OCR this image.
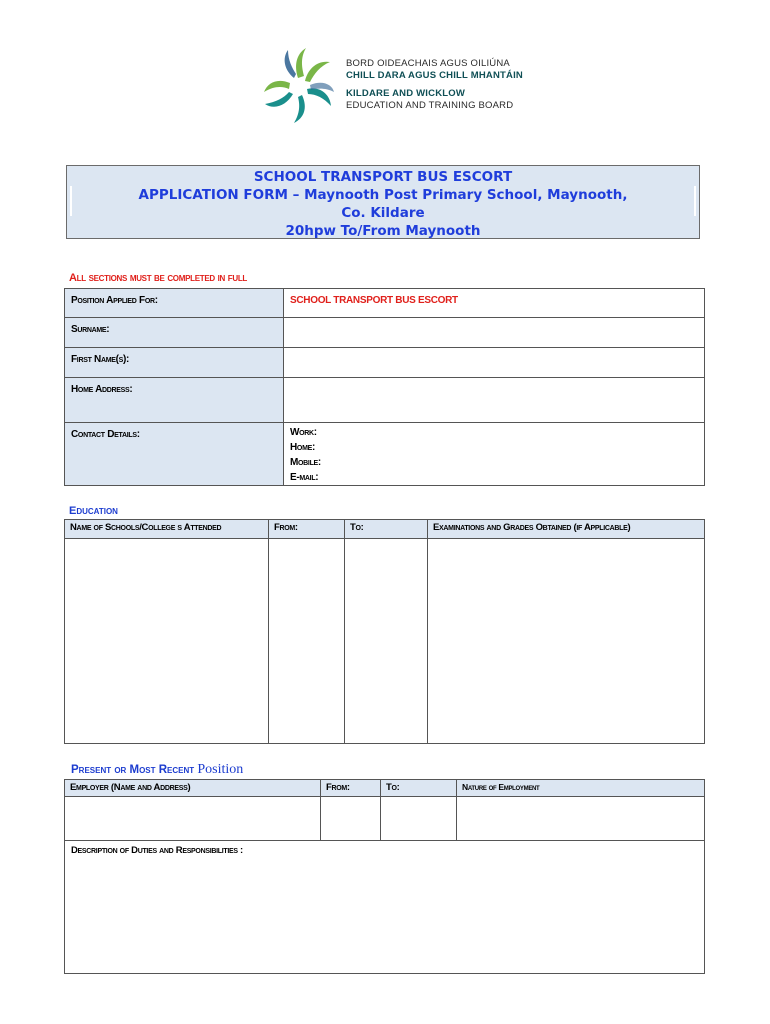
BORD OIDEACHAIS AGUS OILIÚNA
CHILL DARA AGUS CHILL MHANTÁIN
KILDARE AND WICKLOW
EDUCATION AND TRAINING BOARD
SCHOOL TRANSPORT BUS ESCORT
APPLICATION FORM – Maynooth Post Primary School, Maynooth,
Co. Kildare
20hpw To/From Maynooth
All sections must be completed in full
Position Applied For:	SCHOOL TRANSPORT BUS ESCORT
Surname:	
First Name(s):	
Home Address:	
Contact Details:	Work:
Home:
Mobile:
E-mail:
Education
Name of Schools/College s Attended	From:	To:	Examinations and Grades Obtained (if Applicable)

Present or Most Recent Position
Employer (Name and Address)	From:	To:	Nature of Employment

Description of Duties and Responsibilities :			
